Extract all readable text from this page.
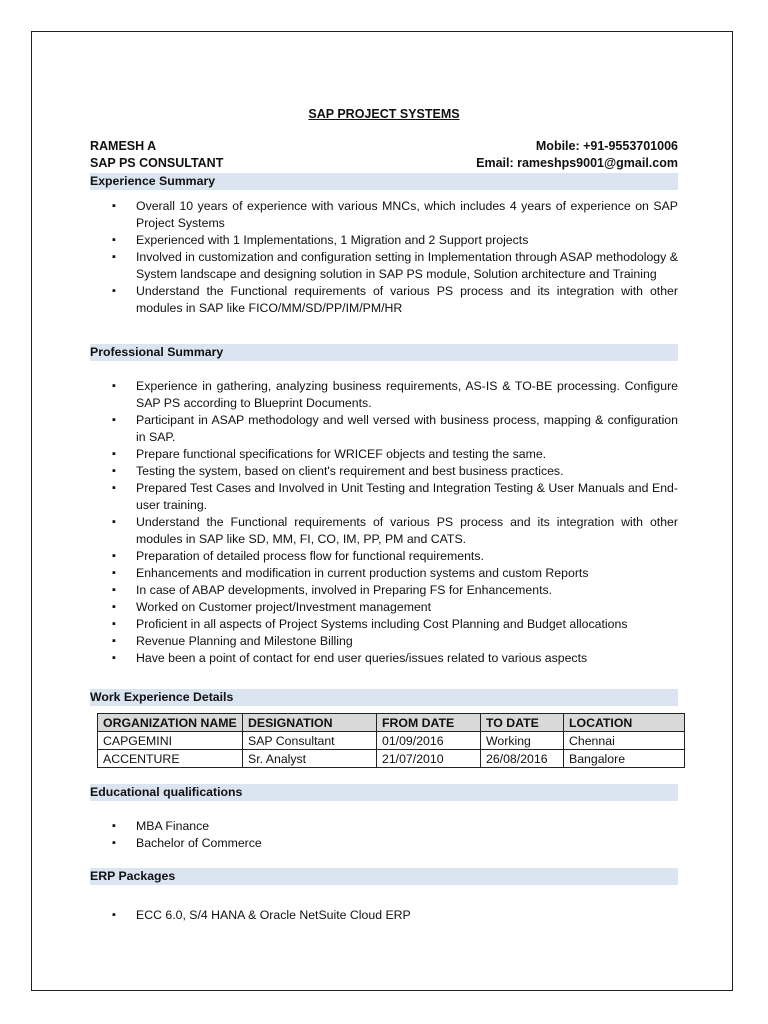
SAP PROJECT SYSTEMS
RAMESH A	Mobile: +91-9553701006
SAP PS CONSULTANT	Email: rameshps9001@gmail.com
Experience Summary
▪ Overall 10 years of experience with various MNCs, which includes 4 years of experience on SAP Project Systems
▪ Experienced with 1 Implementations, 1 Migration and 2 Support projects
▪ Involved in customization and configuration setting in Implementation through ASAP methodology & System landscape and designing solution in SAP PS module, Solution architecture and Training
▪ Understand the Functional requirements of various PS process and its integration with other modules in SAP like FICO/MM/SD/PP/IM/PM/HR
Professional Summary
▪ Experience in gathering, analyzing business requirements, AS-IS & TO-BE processing. Configure SAP PS according to Blueprint Documents.
▪ Participant in ASAP methodology and well versed with business process, mapping & configuration in SAP.
▪ Prepare functional specifications for WRICEF objects and testing the same.
▪ Testing the system, based on client's requirement and best business practices.
▪ Prepared Test Cases and Involved in Unit Testing and Integration Testing & User Manuals and End-user training.
▪ Understand the Functional requirements of various PS process and its integration with other modules in SAP like SD, MM, FI, CO, IM, PP, PM and CATS.
▪ Preparation of detailed process flow for functional requirements.
▪ Enhancements and modification in current production systems and custom Reports
▪ In case of ABAP developments, involved in Preparing FS for Enhancements.
▪ Worked on Customer project/Investment management
▪ Proficient in all aspects of Project Systems including Cost Planning and Budget allocations
▪ Revenue Planning and Milestone Billing
▪ Have been a point of contact for end user queries/issues related to various aspects
Work Experience Details
Educational qualifications
▪ MBA Finance
▪ Bachelor of Commerce
ERP Packages
▪ ECC 6.0, S/4 HANA & Oracle NetSuite Cloud ERP
ORGANIZATION NAME	DESIGNATION	FROM DATE	TO DATE	LOCATION
CAPGEMINI	SAP Consultant	01/09/2016	Working	Chennai
ACCENTURE	Sr. Analyst	21/07/2010	26/08/2016	Bangalore
